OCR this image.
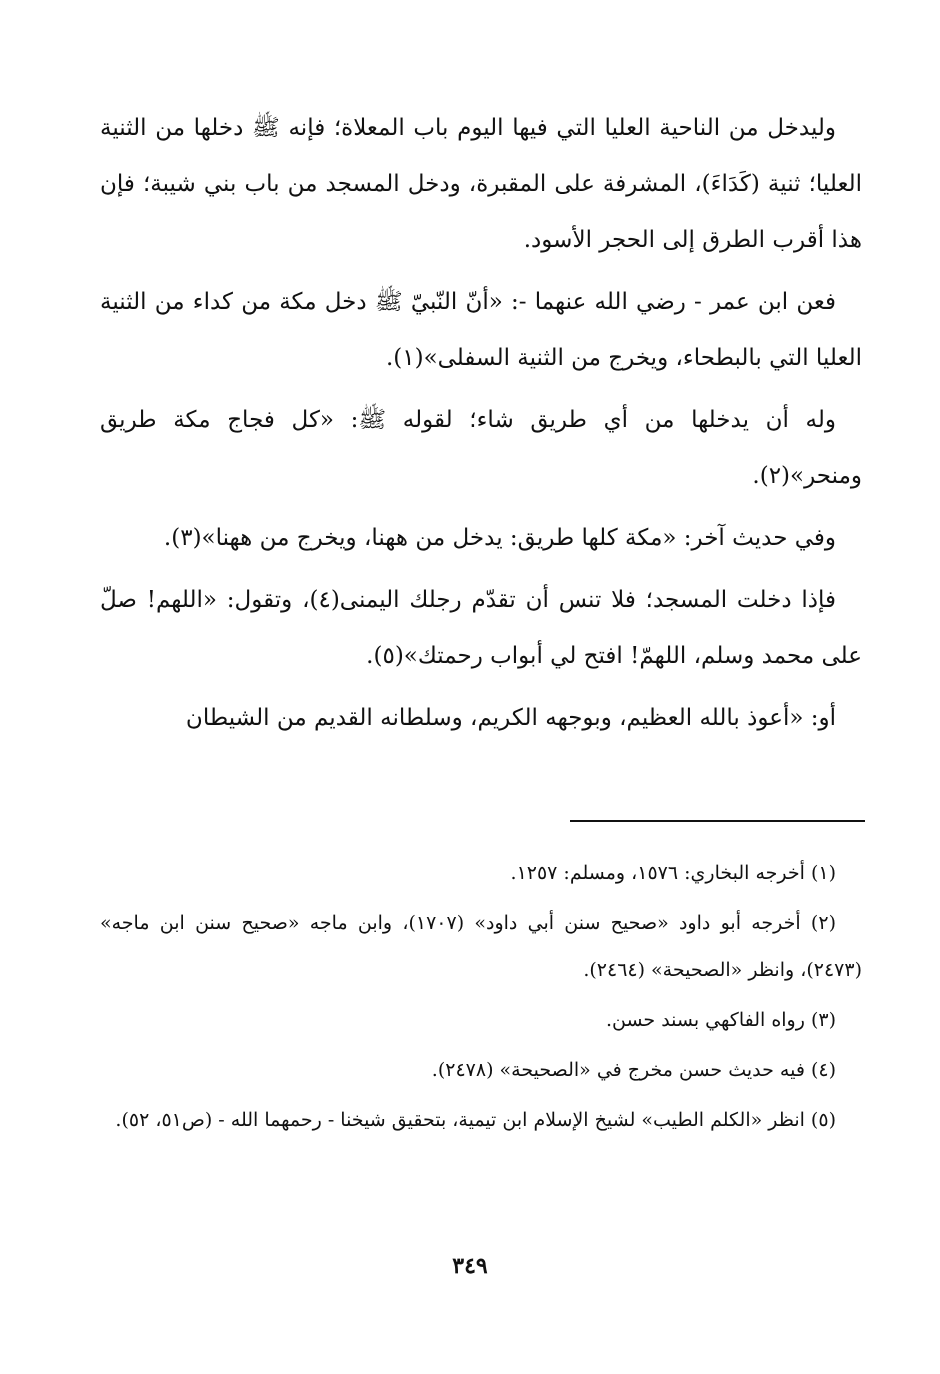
وليدخل من الناحية العليا التي فيها اليوم باب المعلاة؛ فإنه ﷺ دخلها من الثنية العليا؛ ثنية (كَدَاءَ)، المشرفة على المقبرة، ودخل المسجد من باب بني شيبة؛ فإن هذا أقرب الطرق إلى الحجر الأسود.

فعن ابن عمر - رضي الله عنهما -: «أنّ النّبيّ ﷺ دخل مكة من كداء من الثنية العليا التي بالبطحاء، ويخرج من الثنية السفلى»(١).

وله أن يدخلها من أي طريق شاء؛ لقوله ﷺ: «كل فجاج مكة طريق ومنحر»(٢).

وفي حديث آخر: «مكة كلها طريق: يدخل من ههنا، ويخرج من ههنا»(٣).

فإذا دخلت المسجد؛ فلا تنس أن تقدّم رجلك اليمنى(٤)، وتقول: «اللهم! صلّ على محمد وسلم، اللهمّ! افتح لي أبواب رحمتك»(٥).

أو: «أعوذ بالله العظيم، وبوجهه الكريم، وسلطانه القديم من الشيطان

(١) أخرجه البخاري: ١٥٧٦، ومسلم: ١٢٥٧.

(٢) أخرجه أبو داود «صحيح سنن أبي داود» (١٧٠٧)، وابن ماجه «صحيح سنن ابن ماجه» (٢٤٧٣)، وانظر «الصحيحة» (٢٤٦٤).

(٣) رواه الفاكهي بسند حسن.

(٤) فيه حديث حسن مخرج في «الصحيحة» (٢٤٧٨).

(٥) انظر «الكلم الطيب» لشيخ الإسلام ابن تيمية، بتحقيق شيخنا - رحمهما الله - (ص٥١، ٥٢).

٣٤٩
